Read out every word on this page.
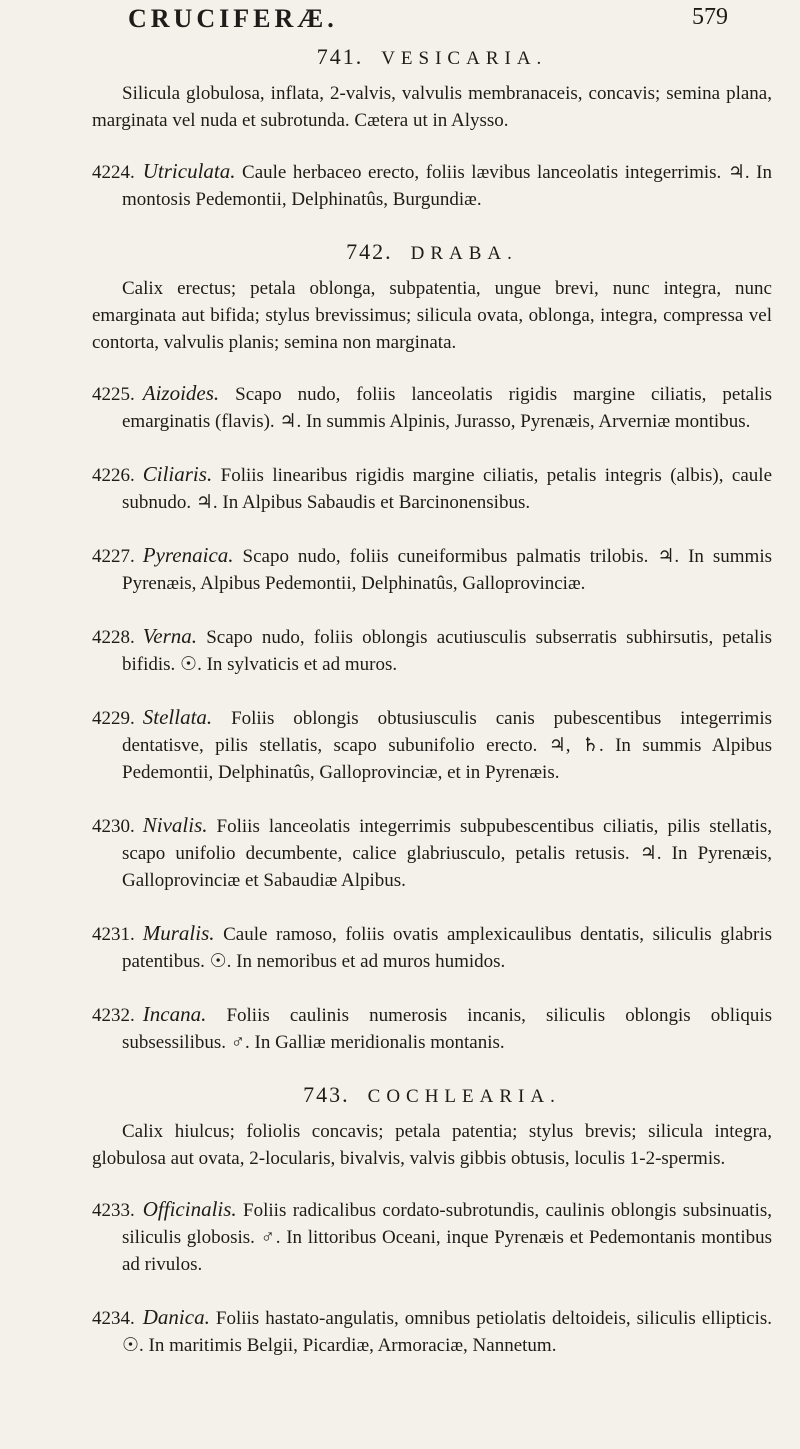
CRUCIFERÆ.	579
741. VESICARIA.

Silicula globulosa, inflata, 2-valvis, valvulis membranaceis, concavis; semina plana, marginata vel nuda et subrotunda. Cætera ut in Alysso.

4224. Utriculata. Caule herbaceo erecto, foliis lævibus lanceolatis integerrimis. ♃. In montosis Pedemontii, Delphinatûs, Burgundiæ.

742. DRABA.

Calix erectus; petala oblonga, subpatentia, ungue brevi, nunc integra, nunc emarginata aut bifida; stylus brevissimus; silicula ovata, oblonga, integra, compressa vel contorta, valvulis planis; semina non marginata.

4225. Aizoides. Scapo nudo, foliis lanceolatis rigidis margine ciliatis, petalis emarginatis (flavis). ♃. In summis Alpinis, Jurasso, Pyrenæis, Arverniæ montibus.

4226. Ciliaris. Foliis linearibus rigidis margine ciliatis, petalis integris (albis), caule subnudo. ♃. In Alpibus Sabaudis et Barcinonensibus.

4227. Pyrenaica. Scapo nudo, foliis cuneiformibus palmatis trilobis. ♃. In summis Pyrenæis, Alpibus Pedemontii, Delphinatûs, Galloprovinciæ.

4228. Verna. Scapo nudo, foliis oblongis acutiusculis subserratis subhirsutis, petalis bifidis. ☉. In sylvaticis et ad muros.

4229. Stellata. Foliis oblongis obtusiusculis canis pubescentibus integerrimis dentatisve, pilis stellatis, scapo subunifolio erecto. ♃, ♄. In summis Alpibus Pedemontii, Delphinatûs, Galloprovinciæ, et in Pyrenæis.

4230. Nivalis. Foliis lanceolatis integerrimis subpubescentibus ciliatis, pilis stellatis, scapo unifolio decumbente, calice glabriusculo, petalis retusis. ♃. In Pyrenæis, Galloprovinciæ et Sabaudiæ Alpibus.

4231. Muralis. Caule ramoso, foliis ovatis amplexicaulibus dentatis, siliculis glabris patentibus. ☉. In nemoribus et ad muros humidos.

4232. Incana. Foliis caulinis numerosis incanis, siliculis oblongis obliquis subsessilibus. ♂. In Galliæ meridionalis montanis.

743. COCHLEARIA.

Calix hiulcus; foliolis concavis; petala patentia; stylus brevis; silicula integra, globulosa aut ovata, 2-locularis, bivalvis, valvis gibbis obtusis, loculis 1-2-spermis.

4233. Officinalis. Foliis radicalibus cordato-subrotundis, caulinis oblongis subsinuatis, siliculis globosis. ♂. In littoribus Oceani, inque Pyrenæis et Pedemontanis montibus ad rivulos.

4234. Danica. Foliis hastato-angulatis, omnibus petiolatis deltoideis, siliculis ellipticis. ☉. In maritimis Belgii, Picardiæ, Armoraciæ, Nannetum.
